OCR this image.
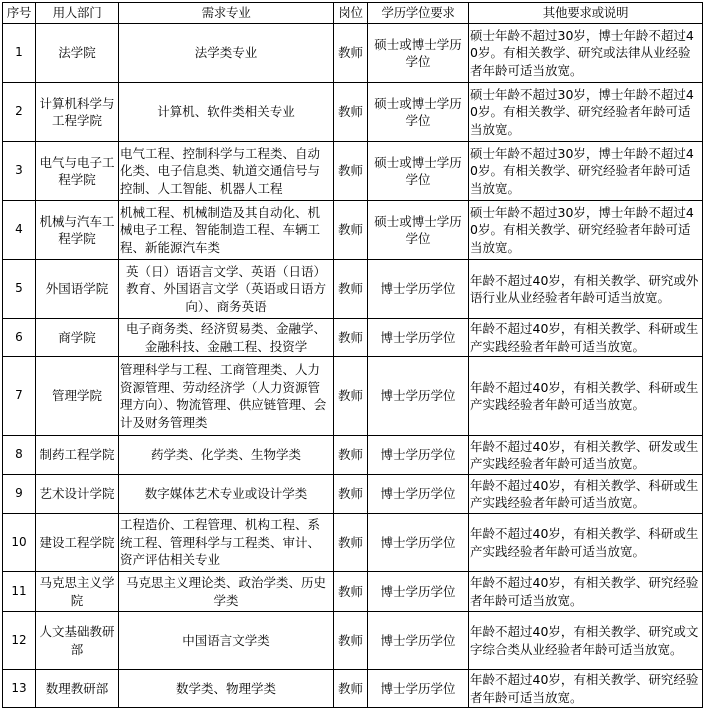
序号	用人部门	需求专业	岗位	学历学位要求	其他要求或说明
1	法学院	法学类专业	教师	硕士或博士学历学位	硕士年龄不超过30岁，博士年龄不超过40岁。有相关教学、研究或法律从业经验者年龄可适当放宽。
2	计算机科学与工程学院	计算机、软件类相关专业	教师	硕士或博士学历学位	硕士年龄不超过30岁，博士年龄不超过40岁。有相关教学、研究经验者年龄可适当放宽。
3	电气与电子工程学院	电气工程、控制科学与工程类、自动化类、电子信息类、轨道交通信号与控制、人工智能、机器人工程	教师	硕士或博士学历学位	硕士年龄不超过30岁，博士年龄不超过40岁。有相关教学、研究经验者年龄可适当放宽。
4	机械与汽车工程学院	机械工程、机械制造及其自动化、机械电子工程、智能制造工程、车辆工程、新能源汽车类	教师	硕士或博士学历学位	硕士年龄不超过30岁，博士年龄不超过40岁。有相关教学、研究经验者年龄可适当放宽。
5	外国语学院	英（日）语语言文学、英语（日语）教育、外国语言文学（英语或日语方向）、商务英语	教师	博士学历学位	年龄不超过40岁，有相关教学、研究或外语行业从业经验者年龄可适当放宽。
6	商学院	电子商务类、经济贸易类、金融学、金融科技、金融工程、投资学	教师	博士学历学位	年龄不超过40岁，有相关教学、科研或生产实践经验者年龄可适当放宽。
7	管理学院	管理科学与工程、工商管理类、人力资源管理、劳动经济学（人力资源管理方向）、物流管理、供应链管理、会计及财务管理类	教师	博士学历学位	年龄不超过40岁，有相关教学、科研或生产实践经验者年龄可适当放宽。
8	制药工程学院	药学类、化学类、生物学类	教师	博士学历学位	年龄不超过40岁，有相关教学、研发或生产实践经验者年龄可适当放宽。
9	艺术设计学院	数字媒体艺术专业或设计学类	教师	博士学历学位	年龄不超过40岁，有相关教学、科研或生产实践经验者年龄可适当放宽。
10	建设工程学院	工程造价、工程管理、机构工程、系统工程、管理科学与工程类、审计、资产评估相关专业	教师	博士学历学位	年龄不超过40岁，有相关教学、科研或生产实践经验者年龄可适当放宽。
11	马克思主义学院	马克思主义理论类、政治学类、历史学类	教师	博士学历学位	年龄不超过40岁，有相关教学、研究经验者年龄可适当放宽。
12	人文基础教研部	中国语言文学类	教师	博士学历学位	年龄不超过40岁，有相关教学、研究或文字综合类从业经验者年龄可适当放宽。
13	数理教研部	数学类、物理学类	教师	博士学历学位	年龄不超过40岁，有相关教学、研究经验者年龄可适当放宽。
